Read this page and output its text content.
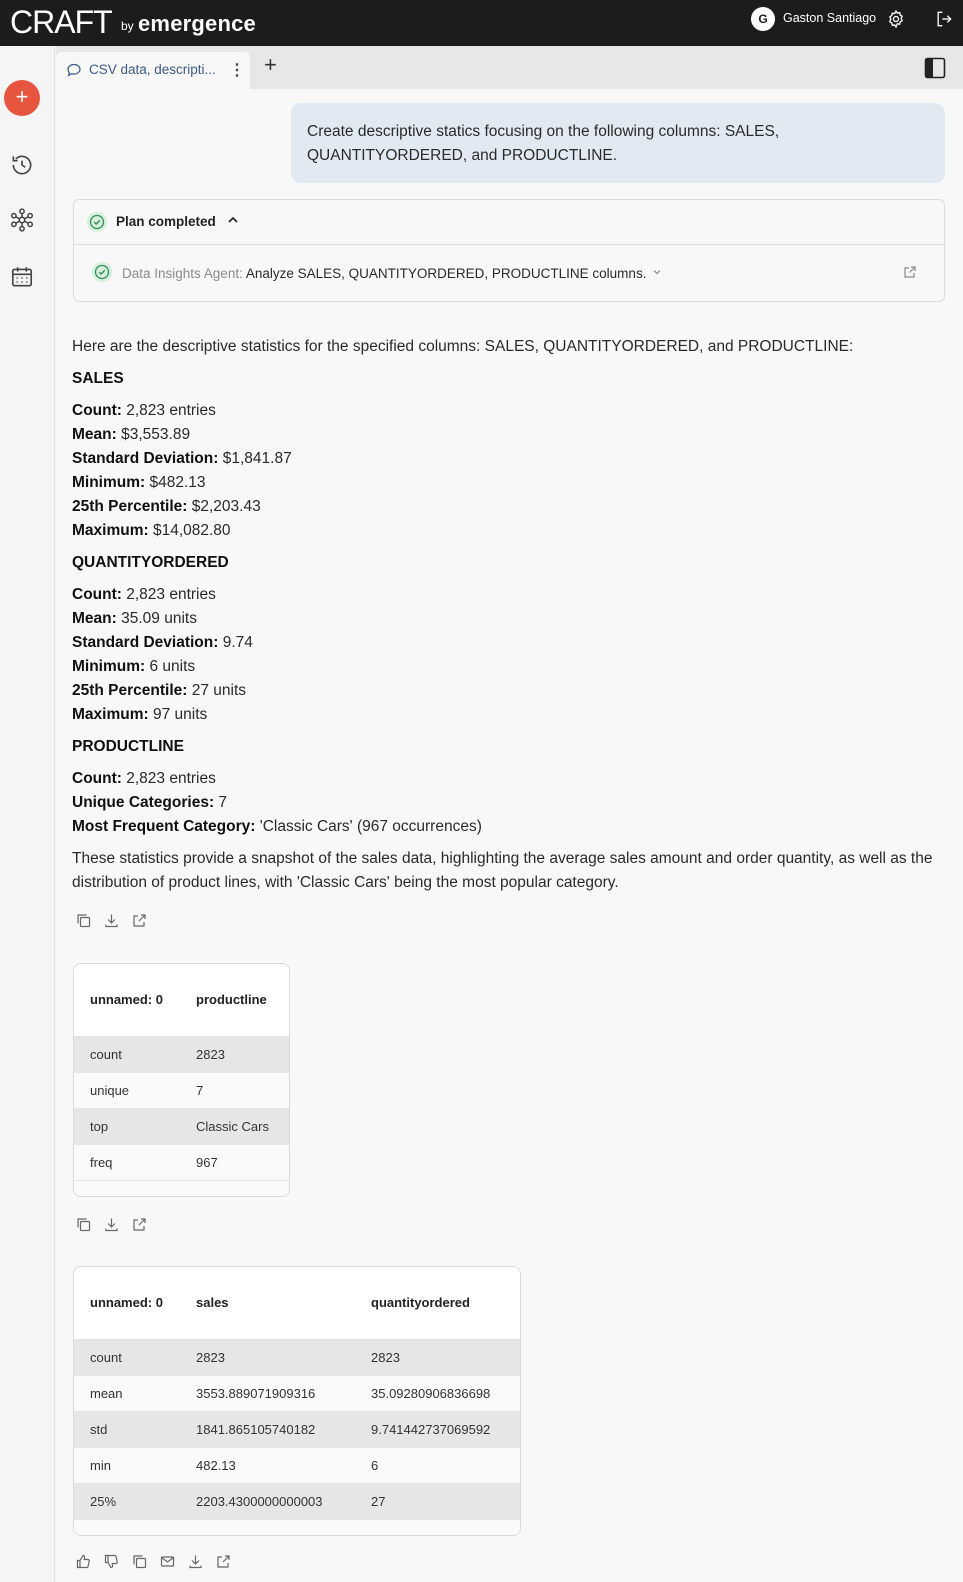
CRAFT by emergence	G	Gaston Santiago
+
CSV data, descripti... ⋮ +
Create descriptive statics focusing on the following columns: SALES, QUANTITYORDERED, and PRODUCTLINE.
Plan completed
Data Insights Agent: Analyze SALES, QUANTITYORDERED, PRODUCTLINE columns.
Here are the descriptive statistics for the specified columns: SALES, QUANTITYORDERED, and PRODUCTLINE:
SALES
Count: 2,823 entries
Mean: $3,553.89
Standard Deviation: $1,841.87
Minimum: $482.13
25th Percentile: $2,203.43
Maximum: $14,082.80
QUANTITYORDERED
Count: 2,823 entries
Mean: 35.09 units
Standard Deviation: 9.74
Minimum: 6 units
25th Percentile: 27 units
Maximum: 97 units
PRODUCTLINE
Count: 2,823 entries
Unique Categories: 7
Most Frequent Category: 'Classic Cars' (967 occurrences)
These statistics provide a snapshot of the sales data, highlighting the average sales amount and order quantity, as well as the distribution of product lines, with 'Classic Cars' being the most popular category.
unnamed: 0	productline
count	2823
unique	7
top	Classic Cars
freq	967
unnamed: 0	sales	quantityordered
count	2823	2823
mean	3553.889071909316	35.09280906836698
std	1841.865105740182	9.741442737069592
min	482.13	6
25%	2203.4300000000003	27
